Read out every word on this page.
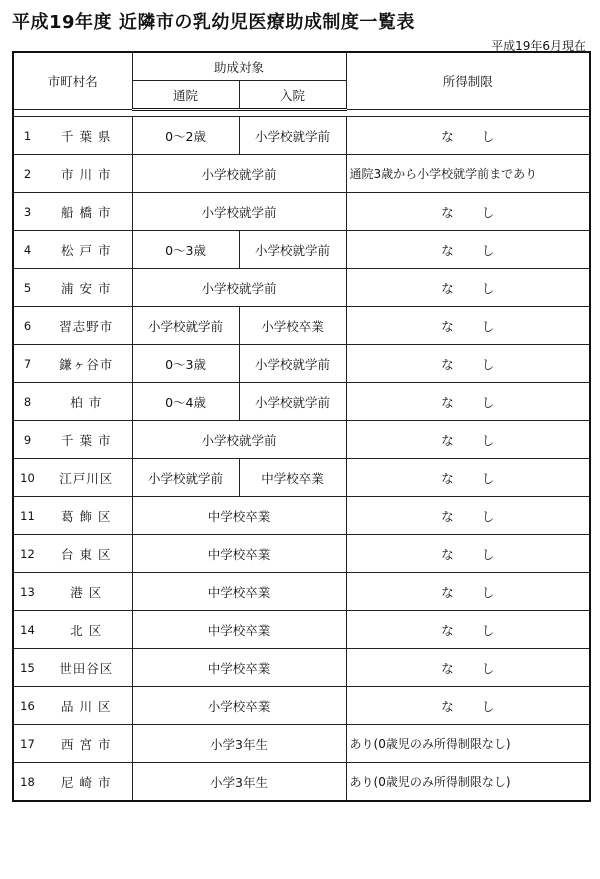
平成19年度 近隣市の乳幼児医療助成制度一覧表
平成19年6月現在
市町村名		助成対象		所得制限
		通院	入院	

1	千 葉 県	0～2歳	小学校就学前	な し
2	市 川 市	小学校就学前		通院3歳から小学校就学前まであり
3	船 橋 市	小学校就学前		な し
4	松 戸 市	0～3歳	小学校就学前	な し
5	浦 安 市	小学校就学前		な し
6	習志野市	小学校就学前	小学校卒業	な し
7	鎌ヶ谷市	0～3歳	小学校就学前	な し
8	柏 市	0～4歳	小学校就学前	な し
9	千 葉 市	小学校就学前		な し
10	江戸川区	小学校就学前	中学校卒業	な し
11	葛 飾 区	中学校卒業		な し
12	台 東 区	中学校卒業		な し
13	港 区	中学校卒業		な し
14	北 区	中学校卒業		な し
15	世田谷区	中学校卒業		な し
16	品 川 区	小学校卒業		な し
17	西 宮 市	小学3年生		あり(0歳児のみ所得制限なし)
18	尼 崎 市	小学3年生		あり(0歳児のみ所得制限なし)
